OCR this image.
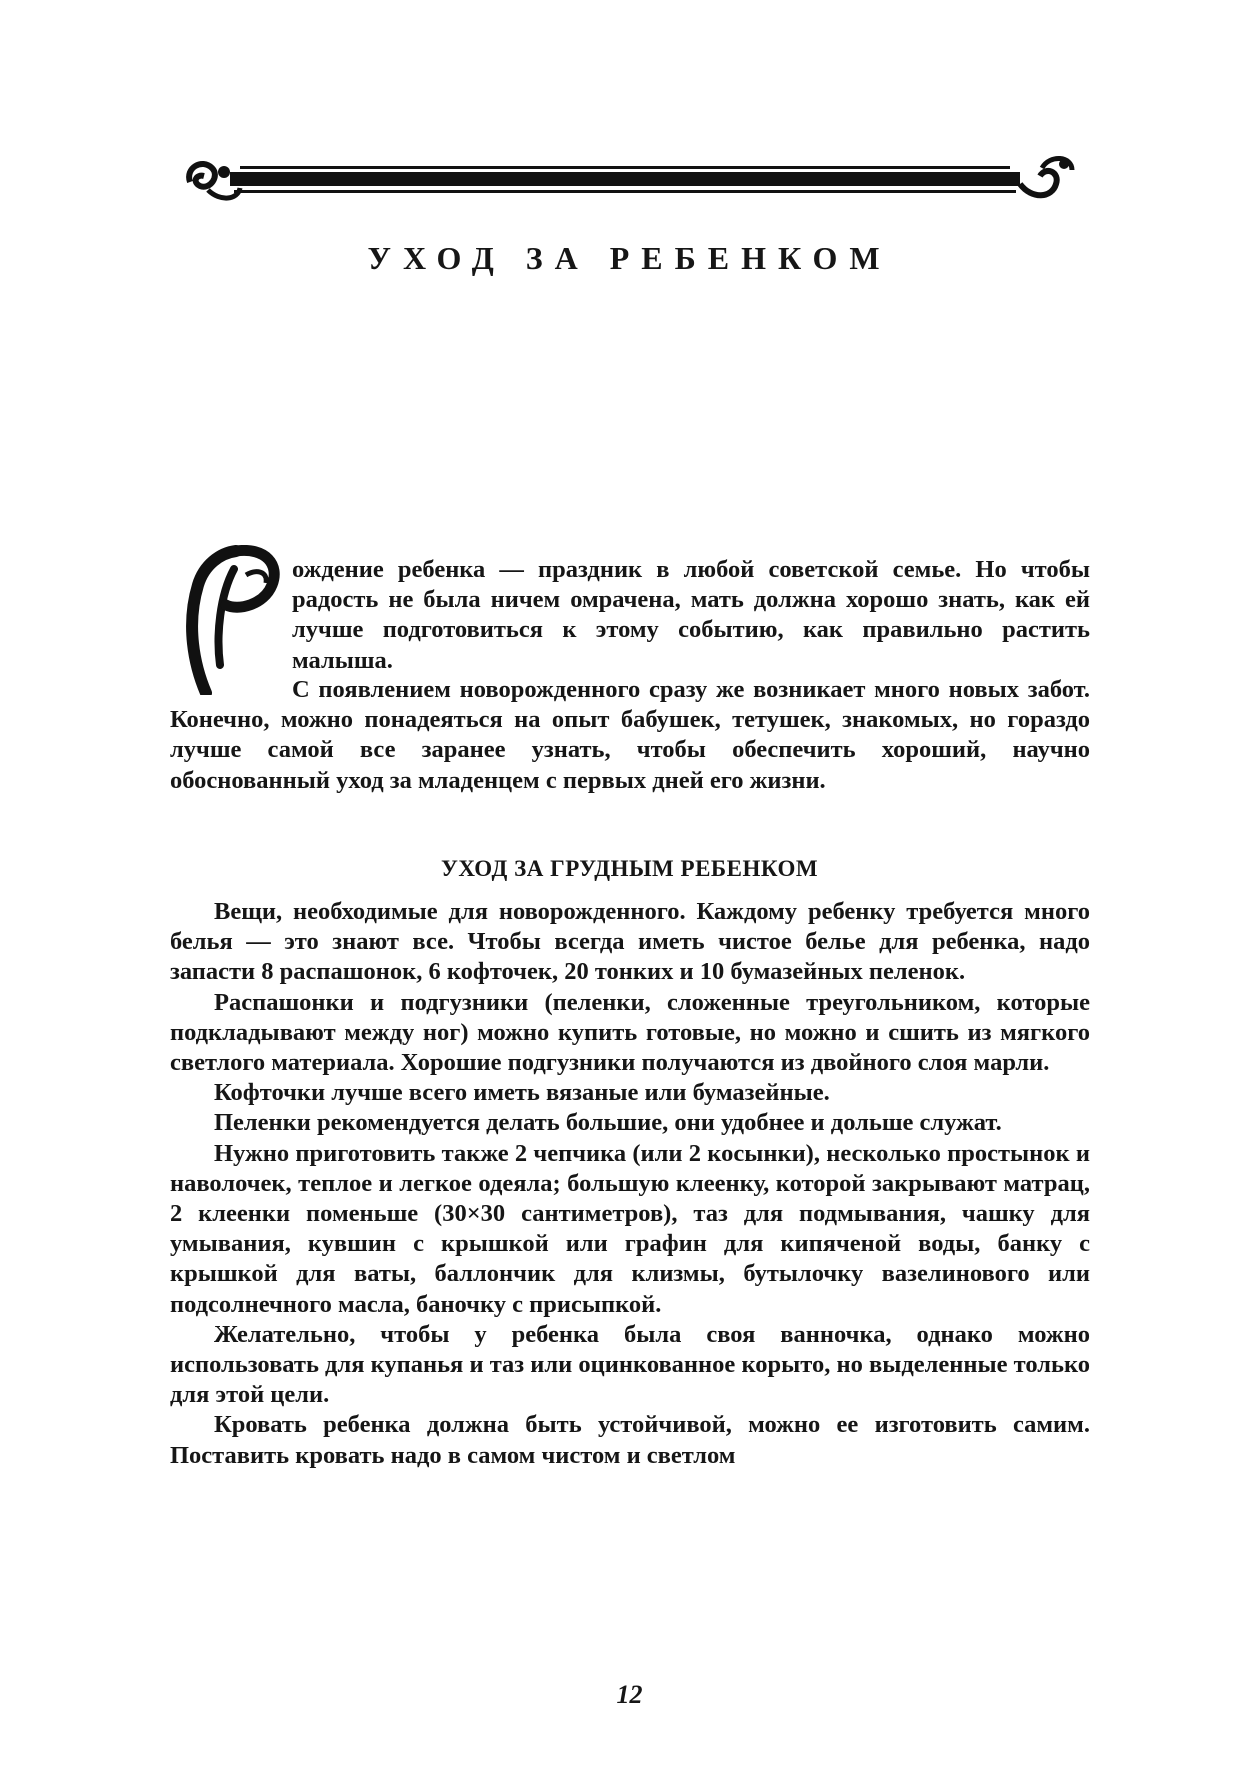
УХОД ЗА РЕБЕНКОМ

ождение ребенка — праздник в любой советской семье. Но чтобы радость не была ничем омрачена, мать должна хорошо знать, как ей лучше подготовиться к этому событию, как правильно растить малыша.

С появлением новорожденного сразу же возникает много новых забот. Конечно, можно понадеяться на опыт бабушек, тетушек, знакомых, но гораздо лучше самой все заранее узнать, чтобы обеспечить хороший, научно обоснованный уход за младенцем с первых дней его жизни.

УХОД ЗА ГРУДНЫМ РЕБЕНКОМ

Вещи, необходимые для новорожденного. Каждому ребенку требуется много белья — это знают все. Чтобы всегда иметь чистое белье для ребенка, надо запасти 8 распашонок, 6 кофточек, 20 тонких и 10 бумазейных пеленок.

Распашонки и подгузники (пеленки, сложенные треугольником, которые подкладывают между ног) можно купить готовые, но можно и сшить из мягкого светлого материала. Хорошие подгузники получаются из двойного слоя марли.

Кофточки лучше всего иметь вязаные или бумазейные.

Пеленки рекомендуется делать большие, они удобнее и дольше служат.

Нужно приготовить также 2 чепчика (или 2 косынки), несколько простынок и наволочек, теплое и легкое одеяла; большую клеенку, которой закрывают матрац, 2 клеенки поменьше (30×30 сантиметров), таз для подмывания, чашку для умывания, кувшин с крышкой или графин для кипяченой воды, банку с крышкой для ваты, баллончик для клизмы, бутылочку вазелинового или подсолнечного масла, баночку с присыпкой.

Желательно, чтобы у ребенка была своя ванночка, однако можно использовать для купанья и таз или оцинкованное корыто, но выделенные только для этой цели.

Кровать ребенка должна быть устойчивой, можно ее изготовить самим. Поставить кровать надо в самом чистом и светлом

12
